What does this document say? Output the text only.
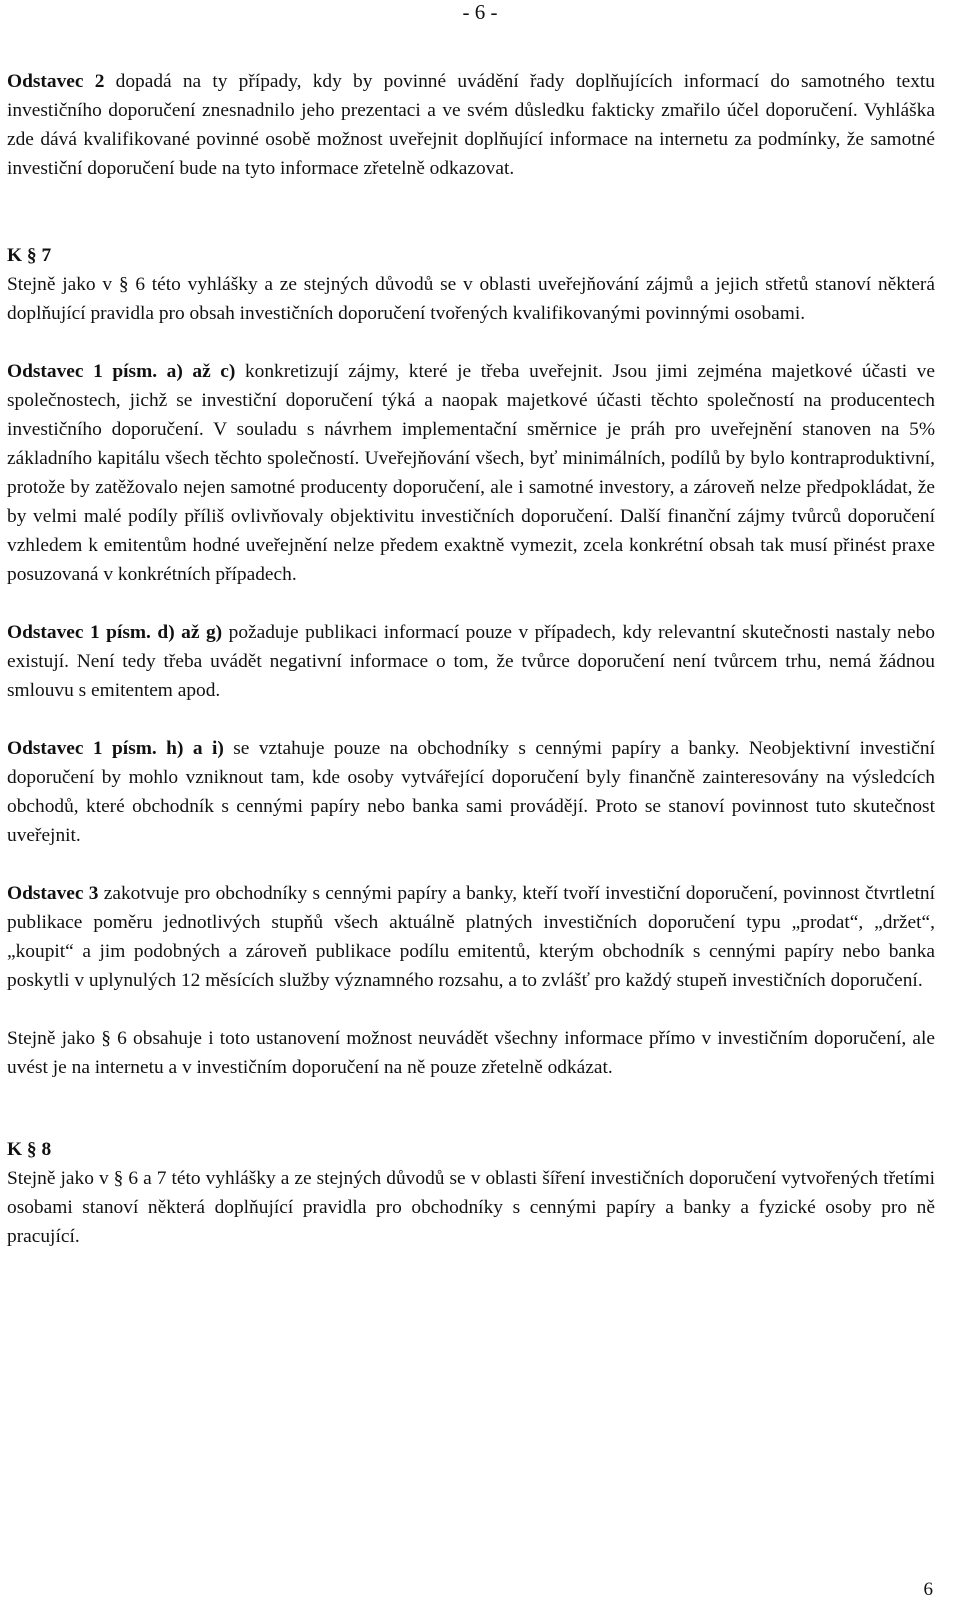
- 6 -

Odstavec 2 dopadá na ty případy, kdy by povinné uvádění řady doplňujících informací do samotného textu investičního doporučení znesnadnilo jeho prezentaci a ve svém důsledku fakticky zmařilo účel doporučení. Vyhláška zde dává kvalifikované povinné osobě možnost uveřejnit doplňující informace na internetu za podmínky, že samotné investiční doporučení bude na tyto informace zřetelně odkazovat.

K § 7

Stejně jako v § 6 této vyhlášky a ze stejných důvodů se v oblasti uveřejňování zájmů a jejich střetů stanoví některá doplňující pravidla pro obsah investičních doporučení tvořených kvalifikovanými povinnými osobami.

Odstavec 1 písm. a) až c) konkretizují zájmy, které je třeba uveřejnit. Jsou jimi zejména majetkové účasti ve společnostech, jichž se investiční doporučení týká a naopak majetkové účasti těchto společností na producentech investičního doporučení. V souladu s návrhem implementační směrnice je práh pro uveřejnění stanoven na 5% základního kapitálu všech těchto společností. Uveřejňování všech, byť minimálních, podílů by bylo kontraproduktivní, protože by zatěžovalo nejen samotné producenty doporučení, ale i samotné investory, a zároveň nelze předpokládat, že by velmi malé podíly příliš ovlivňovaly objektivitu investičních doporučení. Další finanční zájmy tvůrců doporučení vzhledem k emitentům hodné uveřejnění nelze předem exaktně vymezit, zcela konkrétní obsah tak musí přinést praxe posuzovaná v konkrétních případech.

Odstavec 1 písm. d) až g) požaduje publikaci informací pouze v případech, kdy relevantní skutečnosti nastaly nebo existují. Není tedy třeba uvádět negativní informace o tom, že tvůrce doporučení není tvůrcem trhu, nemá žádnou smlouvu s emitentem apod.

Odstavec 1 písm. h) a i) se vztahuje pouze na obchodníky s cennými papíry a banky. Neobjektivní investiční doporučení by mohlo vzniknout tam, kde osoby vytvářející doporučení byly finančně zainteresovány na výsledcích obchodů, které obchodník s cennými papíry nebo banka sami provádějí. Proto se stanoví povinnost tuto skutečnost uveřejnit.

Odstavec 3 zakotvuje pro obchodníky s cennými papíry a banky, kteří tvoří investiční doporučení, povinnost čtvrtletní publikace poměru jednotlivých stupňů všech aktuálně platných investičních doporučení typu „prodat“, „držet“, „koupit“ a jim podobných a zároveň publikace podílu emitentů, kterým obchodník s cennými papíry nebo banka poskytli v uplynulých 12 měsících služby významného rozsahu, a to zvlášť pro každý stupeň investičních doporučení.

Stejně jako § 6 obsahuje i toto ustanovení možnost neuvádět všechny informace přímo v investičním doporučení, ale uvést je na internetu a v investičním doporučení na ně pouze zřetelně odkázat.

K § 8

Stejně jako v § 6 a 7 této vyhlášky a ze stejných důvodů se v oblasti šíření investičních doporučení vytvořených třetími osobami stanoví některá doplňující pravidla pro obchodníky s cennými papíry a banky a fyzické osoby pro ně pracující.

6
